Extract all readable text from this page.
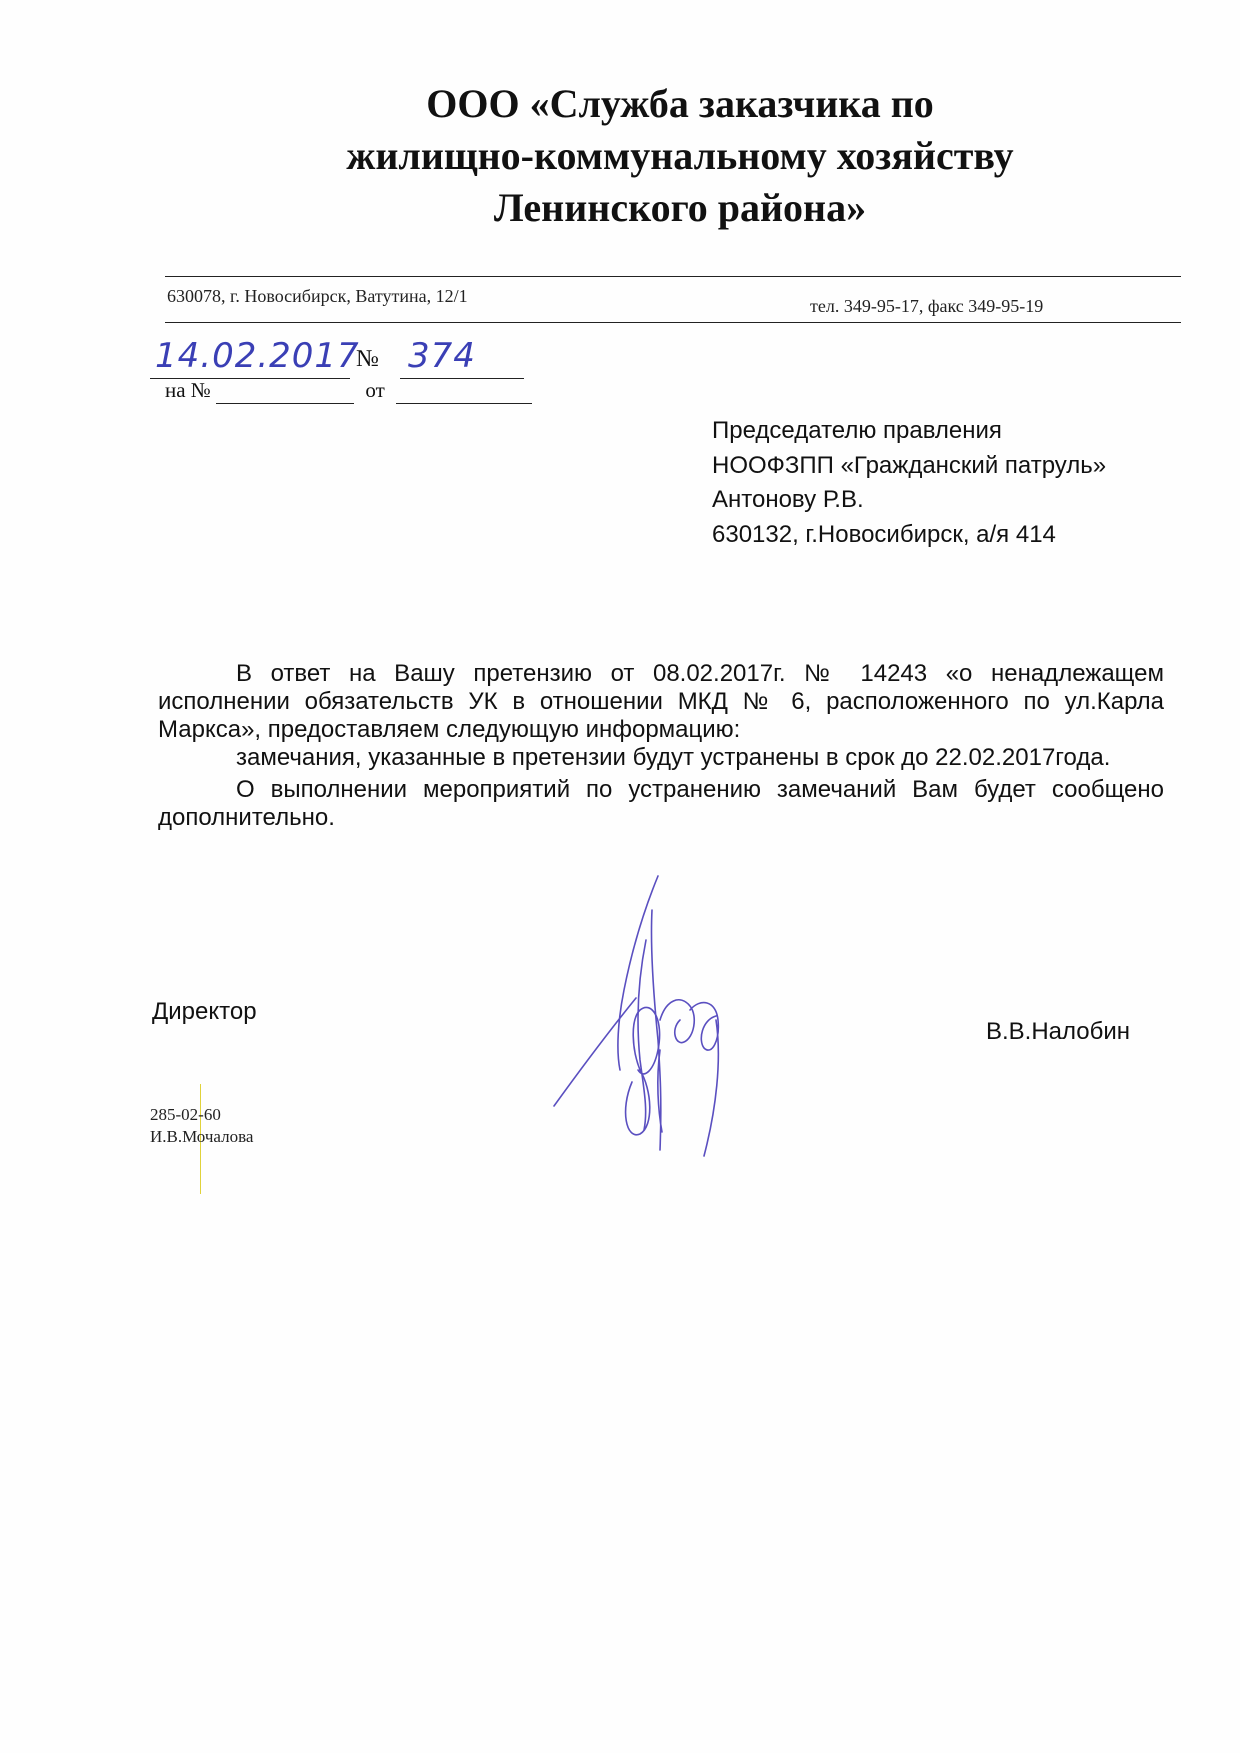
ООО «Служба заказчика по
жилищно-коммунальному хозяйству
Ленинского района»
630078, г. Новосибирск, Ватутина, 12/1	тел. 349-95-17, факс 349-95-19
14.02.2017
№ 374
на №	от
Председателю правления
НООФЗПП «Гражданский патруль»
Антонову Р.В.
630132, г.Новосибирск, а/я 414

В ответ на Вашу претензию от 08.02.2017г. № 14243 «о ненадлежащем исполнении обязательств УК в отношении МКД № 6, расположенного по ул.Карла Маркса», предоставляем следующую информацию:

замечания, указанные в претензии будут устранены в срок до 22.02.2017года.

О выполнении мероприятий по устранению замечаний Вам будет сообщено дополнительно.

Директор
В.В.Налобин
285-02-60
И.В.Мочалова
